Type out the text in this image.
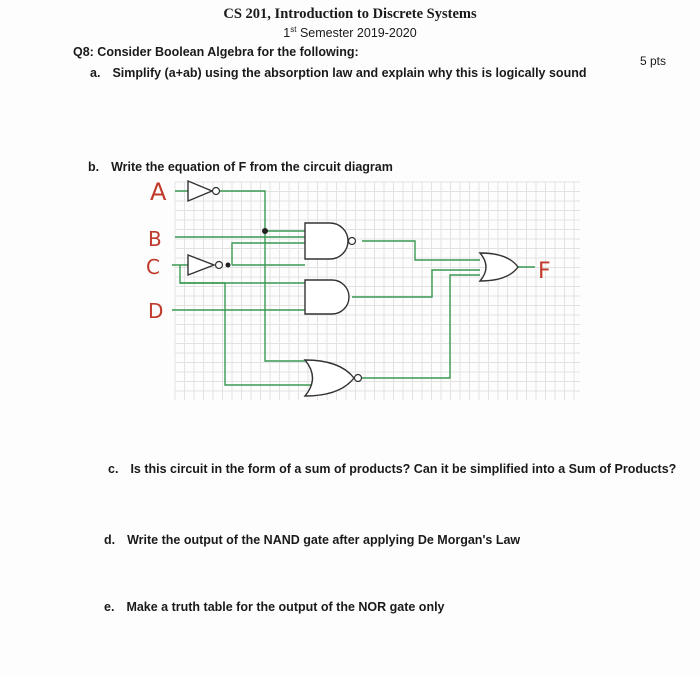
CS 201, Introduction to Discrete Systems
1st Semester 2019-2020
Q8: Consider Boolean Algebra for the following:
5 pts
a. Simplify (a+ab) using the absorption law and explain why this is logically sound
b. Write the equation of F from the circuit diagram
A
B
C
D
F
c. Is this circuit in the form of a sum of products? Can it be simplified into a Sum of Products?
d. Write the output of the NAND gate after applying De Morgan's Law
e. Make a truth table for the output of the NOR gate only
